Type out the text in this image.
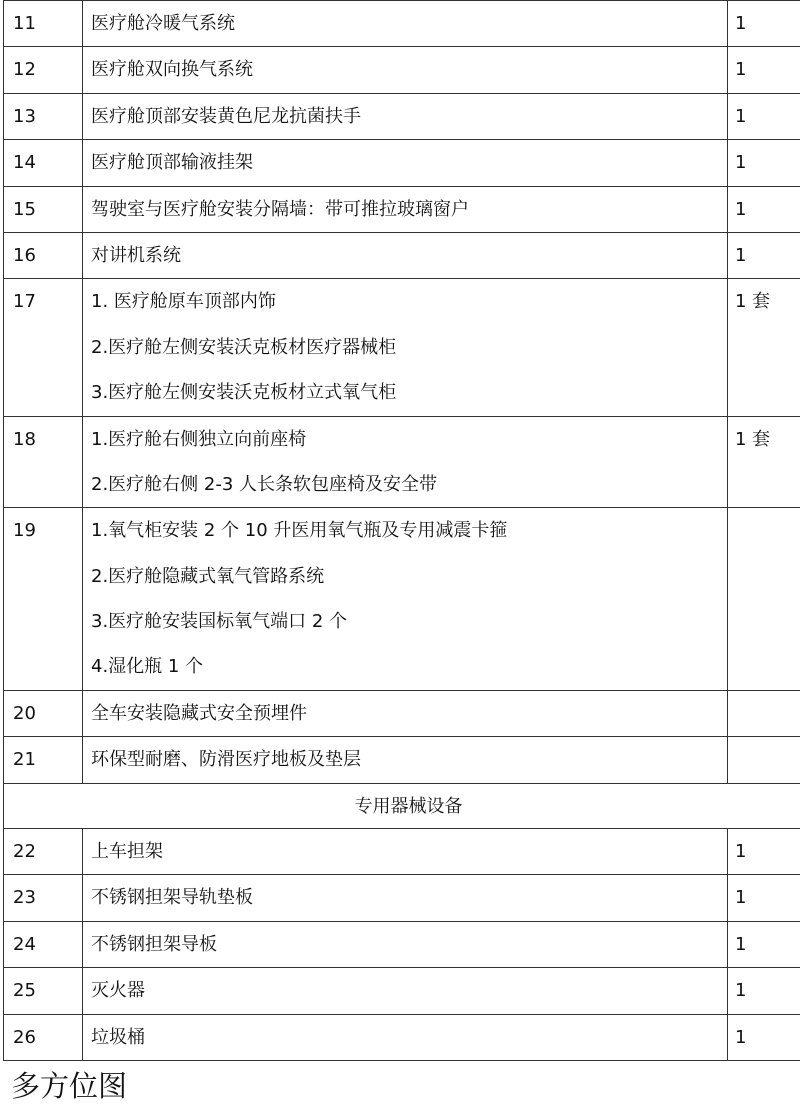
11	医疗舱冷暖气系统	1

12	医疗舱双向换气系统	1

13	医疗舱顶部安装黄色尼龙抗菌扶手	1

14	医疗舱顶部输液挂架	1

15	驾驶室与医疗舱安装分隔墙：带可推拉玻璃窗户	1

16	对讲机系统	1

17	1. 医疗舱原车顶部内饰
2.医疗舱左侧安装沃克板材医疗器械柜
3.医疗舱左侧安装沃克板材立式氧气柜	1 套

18	1.医疗舱右侧独立向前座椅
2.医疗舱右侧 2-3 人长条软包座椅及安全带	1 套

19	1.氧气柜安装 2 个 10 升医用氧气瓶及专用减震卡箍
2.医疗舱隐藏式氧气管路系统
3.医疗舱安装国标氧气端口 2 个
4.湿化瓶 1 个	

20	全车安装隐藏式安全预埋件	

21	环保型耐磨、防滑医疗地板及垫层	

专用器械设备		

22	上车担架	1

23	不锈钢担架导轨垫板	1

24	不锈钢担架导板	1

25	灭火器	1

26	垃圾桶	1
多方位图
